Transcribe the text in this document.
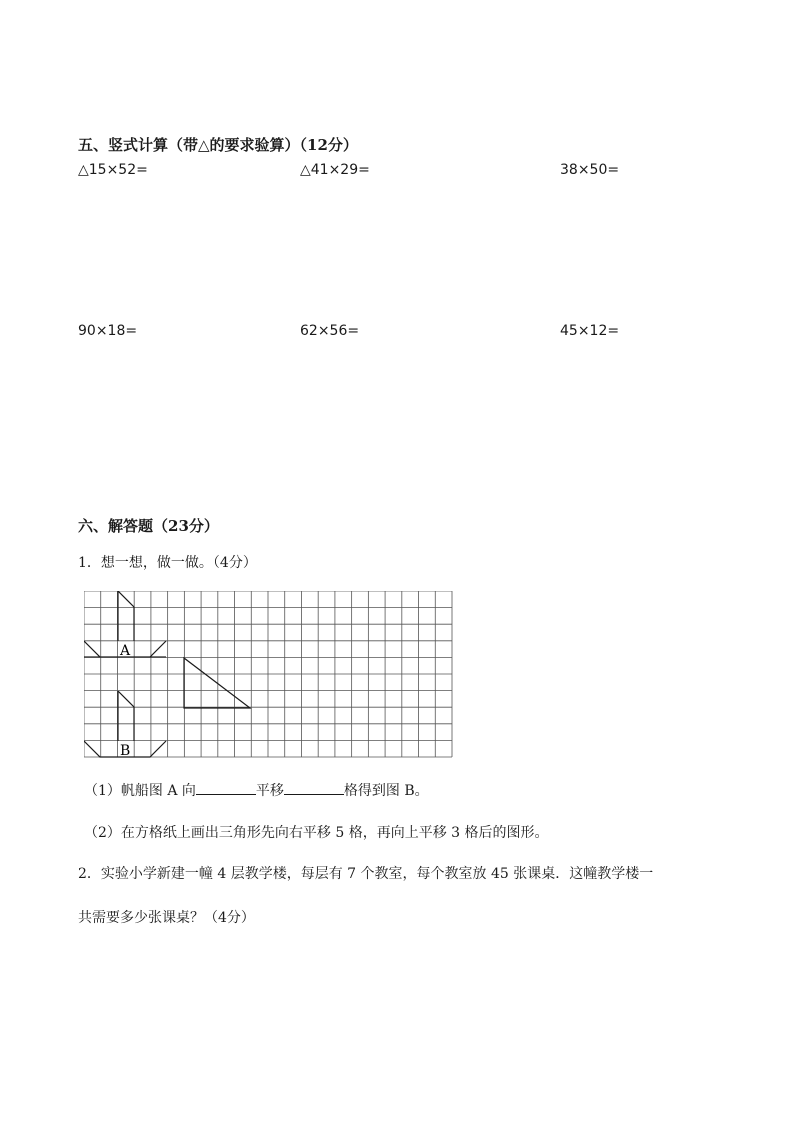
五、竖式计算（带△的要求验算）（12分）
△15×52=	△41×29=	38×50=
90×18=	62×56=	45×12=
六、解答题（23分）
1．想一想，做一做。（4分）
A
B
（1）帆船图 A 向	平移	格得到图 B。
（2）在方格纸上画出三角形先向右平移 5 格，再向上平移 3 格后的图形。
2．实验小学新建一幢 4 层教学楼，每层有 7 个教室，每个教室放 45 张课桌．这幢教学楼一
共需要多少张课桌？（4分）
